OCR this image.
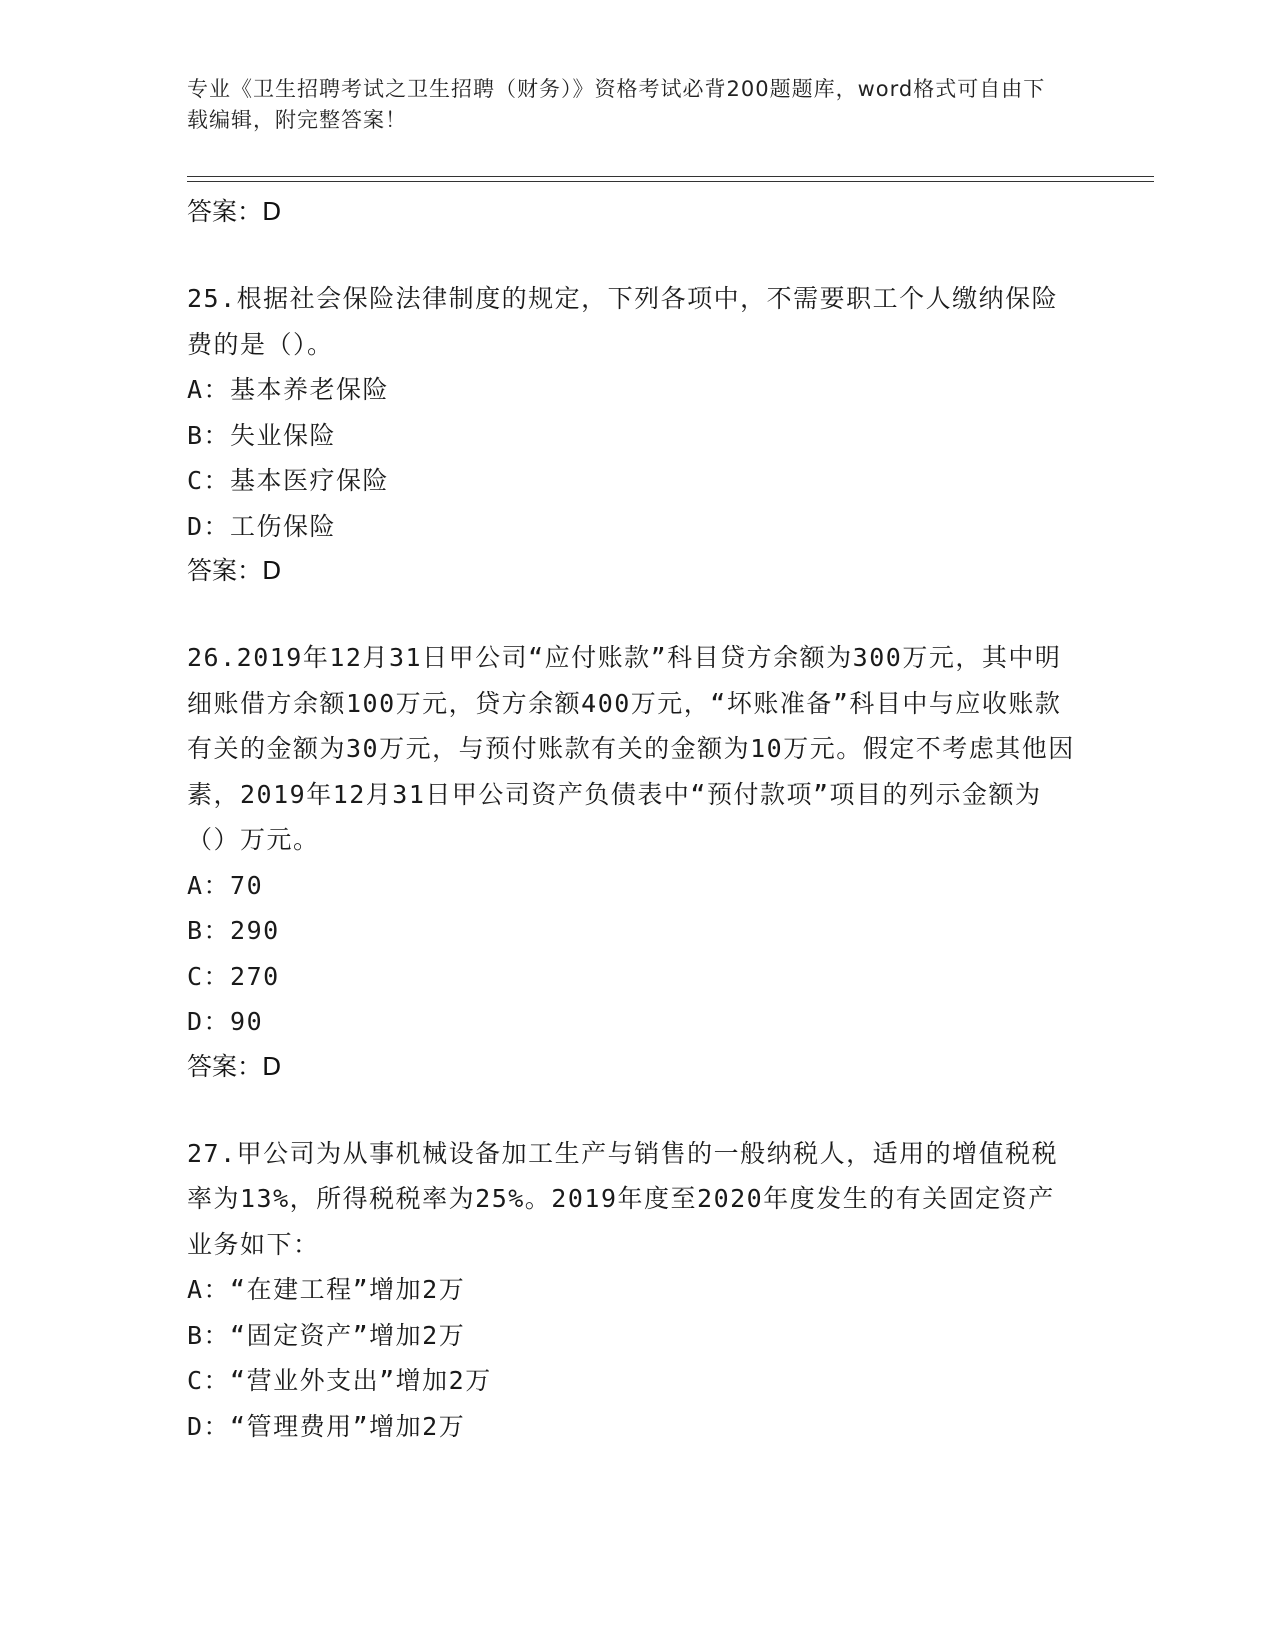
专业《卫生招聘考试之卫生招聘（财务）》资格考试必背200题题库，word格式可自由下载编辑，附完整答案！
答案：D

25.根据社会保险法律制度的规定，下列各项中，不需要职工个人缴纳保险费的是（）。

A：基本养老保险
B：失业保险
C：基本医疗保险
D：工伤保险
答案：D

26.2019年12月31日甲公司“应付账款”科目贷方余额为300万元，其中明细账借方余额100万元，贷方余额400万元，“坏账准备”科目中与应收账款有关的金额为30万元，与预付账款有关的金额为10万元。假定不考虑其他因素，2019年12月31日甲公司资产负债表中“预付款项”项目的列示金额为（）万元。

A：70
B：290
C：270
D：90
答案：D

27.甲公司为从事机械设备加工生产与销售的一般纳税人，适用的增值税税率为13%，所得税税率为25%。2019年度至2020年度发生的有关固定资产业务如下：

A：“在建工程”增加2万
B：“固定资产”增加2万
C：“营业外支出”增加2万
D：“管理费用”增加2万
